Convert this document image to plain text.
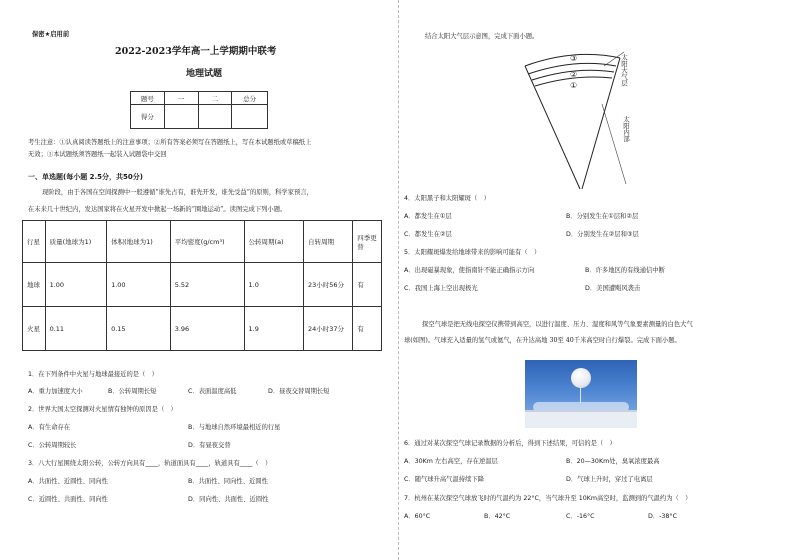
保密★启用前
2022-2023学年高一上学期期中联考
地理试题
题号	一	二	总分
得分			
考生注意：①认真阅读答题纸上的注意事项；②所有答案必须写在答题纸上，写在本试题纸或草稿纸上
无效；③本试题纸须答题纸一起装入试题袋中交回
一、单选题(每小题 2.5分，共50分)
现阶段，由于各国在空间探测中一般遵循“谁先占有，谁先开发，谁先受益”的原则，科学家预言，
在未来几十世纪内，发达国家将在火星开发中掀起一场新的“圈地运动”。读图完成下列小题。
行星	质量(地球为1)	体积(地球为1)	平均密度(g/cm³)	公转周期(a)	自转周期	四季更替
地球	1.00	1.00	5.52	1.0	23小时56分	有
火星	0.11	0.15	3.96	1.9	24小时37分	有
1．在下列条件中火星与地球最接近的是（　）
A．重力加速度大小	B．公转周期长短	C．表面温度高低	D．昼夜交替周期长短
2．世界大国太空探测对火星情有独钟的原因是（　）
A．有生命存在	B．与地球自然环境最相近的行星
C．公转周期较长	D．有昼夜交替
3．八大行星围绕太阳公转，公转方向具有____，轨道面具有____，轨道具有____（　）
A．共面性、近圆性、同向性	B．共面性、同向性、近圆性
C．近圆性、共面性、同向性	D．同向性、共面性、近圆性
结合太阳大气层示意图，完成下面小题。
③
②
①	太阳大气层
太阳内部
4．太阳黑子和太阳耀斑（　）
A．都发生在①层	B．分别发生在①层和②层
C．都发生在②层	D．分别发生在②层和③层
5．太阳耀斑爆发给地球带来的影响可能有（　）
A．出现磁暴现象，使指南针不能正确指示方向	B．许多地区的有线通信中断
C．我国上海上空出现极光	D．美国遭飓风袭击
探空气球是把无线电探空仪携带到高空，以进行温度、压力、湿度和风等气象要素测量的白色大气
球(如图)。气球充入适量的氢气或氦气，在升达高地 30至 40千米高空时自行爆裂。完成下面小题。
6．通过对某次探空气球记录数据的分析后，得到下述结果，可信的是（　）
A．30Km 左右高空，存在逆温层	B．20—30Km处，臭氧浓度最高
C．随气球升高气温持续下降	D．气球上升时，穿过了电离层
7．杭州在某次探空气球放飞时的气温约为 22°C，当气球升至 10Km高空时，监测到的气温约为（　）
A．60°C	B．42°C	C．-16°C	D．-38°C
